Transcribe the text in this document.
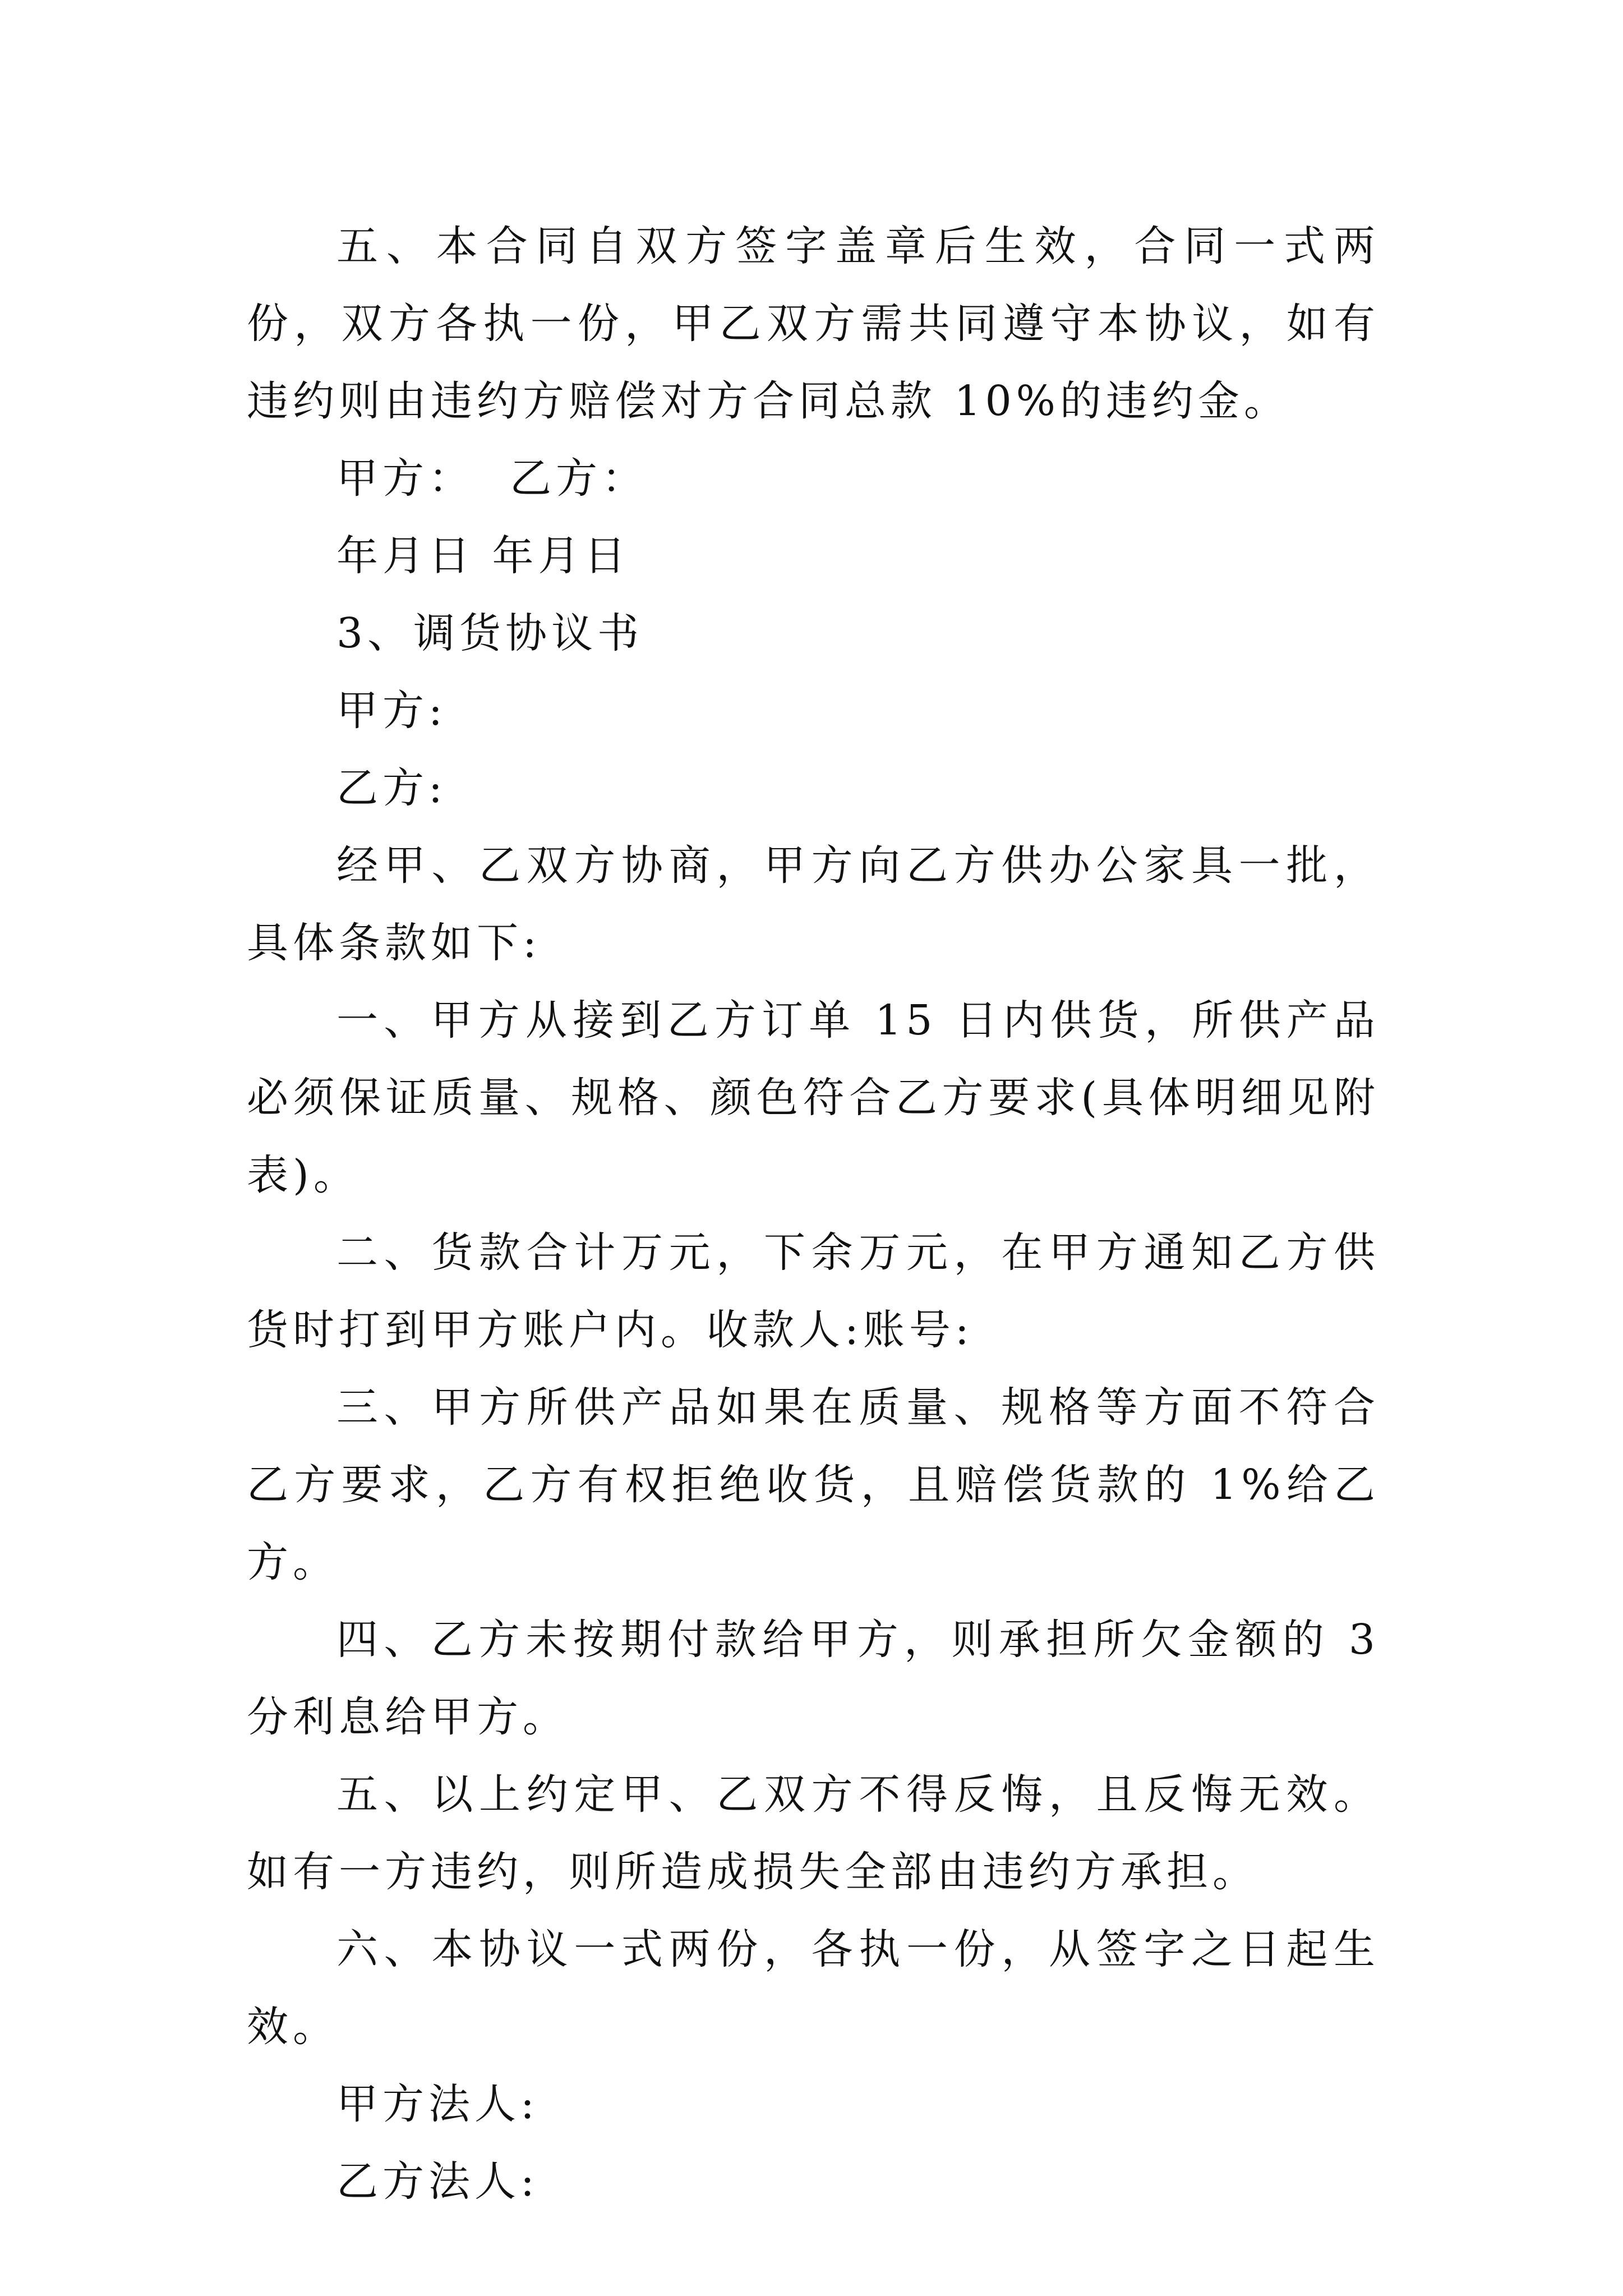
五、本合同自双方签字盖章后生效，合同一式两份，双方各执一份，甲乙双方需共同遵守本协议，如有违约则由违约方赔偿对方合同总款 10%的违约金。

甲方：  乙方：

年月日 年月日

3、调货协议书

甲方:

乙方:

经甲、乙双方协商，甲方向乙方供办公家具一批，具体条款如下:

一、甲方从接到乙方订单 15 日内供货，所供产品必须保证质量、规格、颜色符合乙方要求(具体明细见附表)。

二、货款合计万元，下余万元，在甲方通知乙方供货时打到甲方账户内。收款人:账号:

三、甲方所供产品如果在质量、规格等方面不符合乙方要求，乙方有权拒绝收货，且赔偿货款的 1%给乙方。

四、乙方未按期付款给甲方，则承担所欠金额的 3 分利息给甲方。

五、以上约定甲、乙双方不得反悔，且反悔无效。如有一方违约，则所造成损失全部由违约方承担。

六、本协议一式两份，各执一份，从签字之日起生效。

甲方法人:

乙方法人:
